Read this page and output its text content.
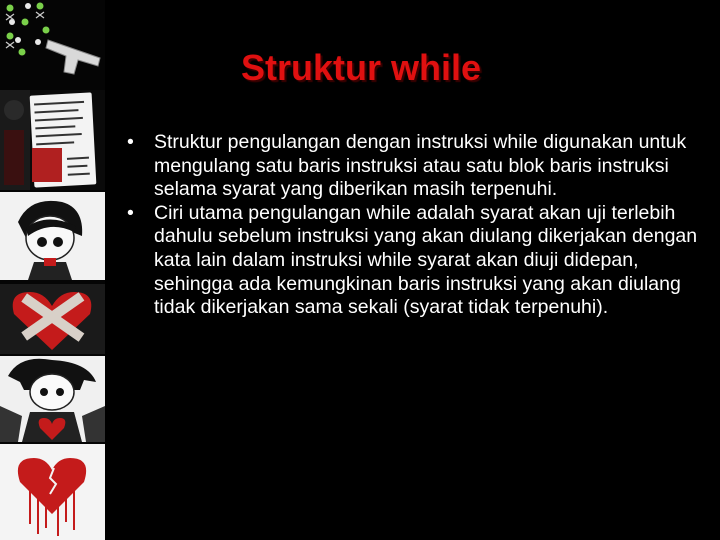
Struktur while
• Struktur pengulangan dengan instruksi while digunakan untuk mengulang satu baris instruksi atau satu blok baris instruksi selama syarat yang diberikan masih terpenuhi.
• Ciri utama pengulangan while adalah syarat akan uji terlebih dahulu sebelum instruksi yang akan diulang dikerjakan dengan kata lain dalam instruksi while syarat akan diuji didepan, sehingga ada kemungkinan baris instruksi yang akan diulang tidak dikerjakan sama sekali (syarat tidak terpenuhi).
